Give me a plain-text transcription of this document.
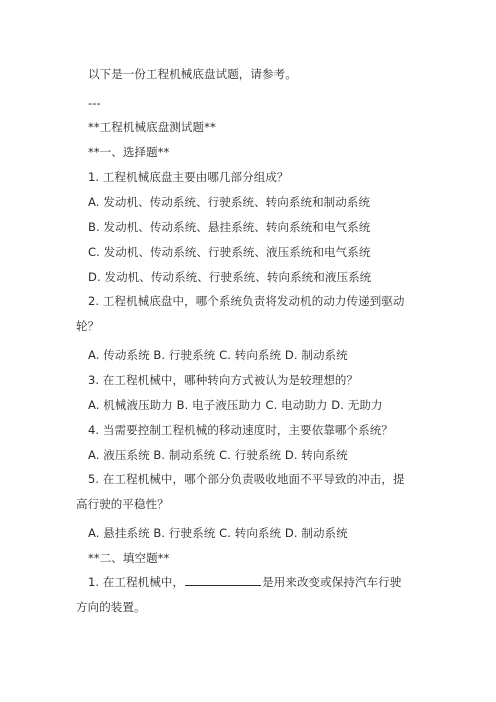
以下是一份工程机械底盘试题，请参考。
---
**工程机械底盘测试题**
**一、选择题**
1. 工程机械底盘主要由哪几部分组成？
A. 发动机、传动系统、行驶系统、转向系统和制动系统
B. 发动机、传动系统、悬挂系统、转向系统和电气系统
C. 发动机、传动系统、行驶系统、液压系统和电气系统
D. 发动机、传动系统、行驶系统、转向系统和液压系统
2. 工程机械底盘中，哪个系统负责将发动机的动力传递到驱动轮？
A. 传动系统 B. 行驶系统 C. 转向系统 D. 制动系统
3. 在工程机械中，哪种转向方式被认为是较理想的？
A. 机械液压助力 B. 电子液压助力 C. 电动助力 D. 无助力
4. 当需要控制工程机械的移动速度时，主要依靠哪个系统？
A. 液压系统 B. 制动系统 C. 行驶系统 D. 转向系统
5. 在工程机械中，哪个部分负责吸收地面不平导致的冲击，提高行驶的平稳性？
A. 悬挂系统 B. 行驶系统 C. 转向系统 D. 制动系统
**二、填空题**
1. 在工程机械中，	是用来改变或保持汽车行驶方向的装置。
